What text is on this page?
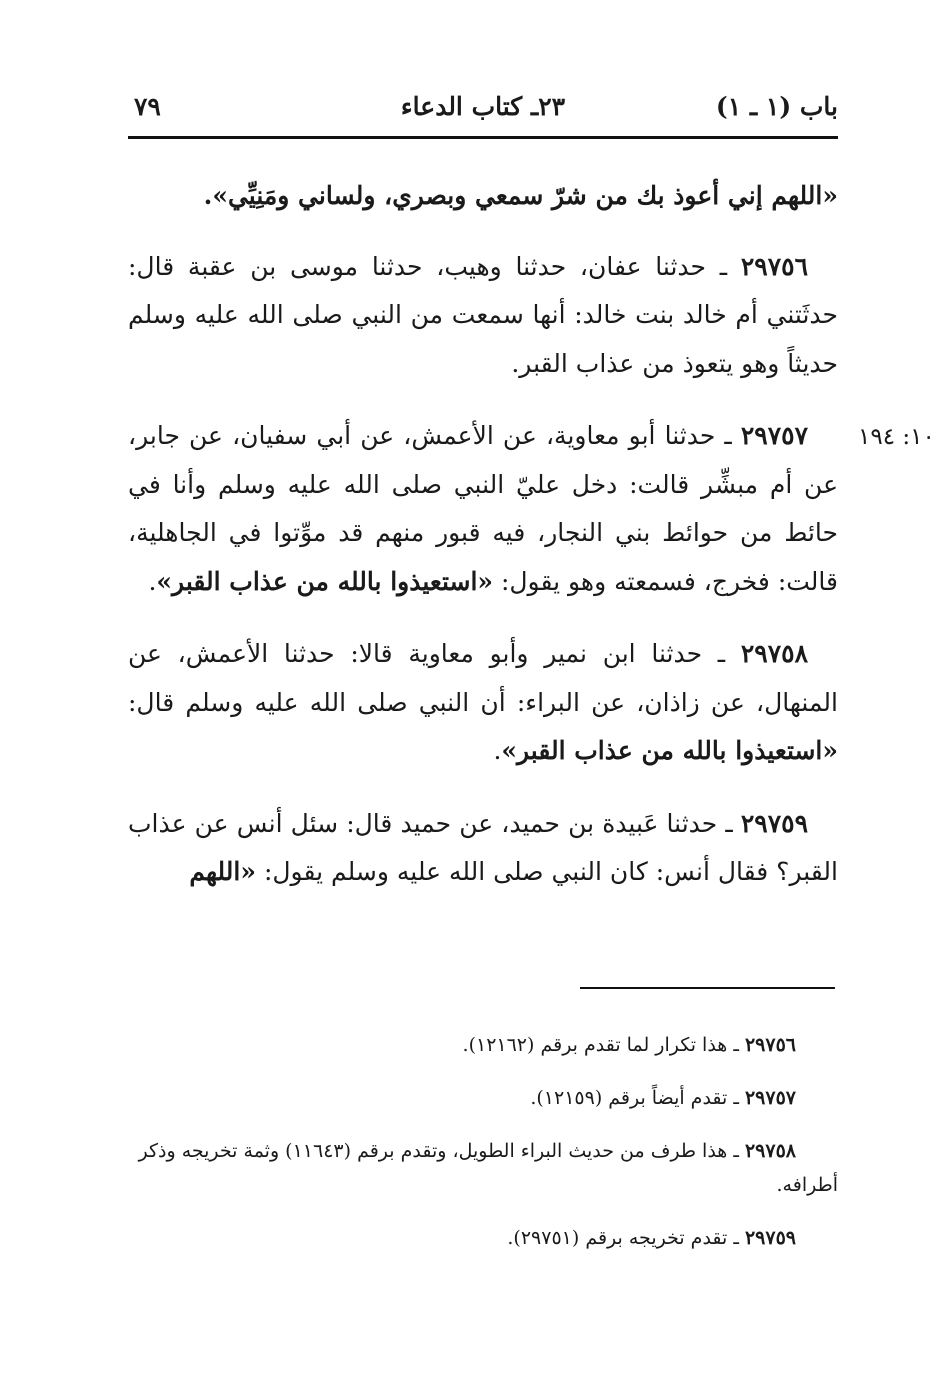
باب (١ ـ ١)
٢٣ـ كتاب الدعاء
٧٩
١٠: ١٩٤

«اللهم إني أعوذ بك من شرّ سمعي وبصري، ولساني ومَنِيِّي».

٢٩٧٥٦ ـ حدثنا عفان، حدثنا وهيب، حدثنا موسى بن عقبة قال: حدثَتني أم خالد بنت خالد: أنها سمعت من النبي صلى الله عليه وسلم حديثاً وهو يتعوذ من عذاب القبر.

٢٩٧٥٧ ـ حدثنا أبو معاوية، عن الأعمش، عن أبي سفيان، عن جابر، عن أم مبشِّر قالت: دخل عليّ النبي صلى الله عليه وسلم وأنا في حائط من حوائط بني النجار، فيه قبور منهم قد موِّتوا في الجاهلية، قالت: فخرج، فسمعته وهو يقول: «استعيذوا بالله من عذاب القبر».

٢٩٧٥٨ ـ حدثنا ابن نمير وأبو معاوية قالا: حدثنا الأعمش، عن المنهال، عن زاذان، عن البراء: أن النبي صلى الله عليه وسلم قال: «استعيذوا بالله من عذاب القبر».

٢٩٧٥٩ ـ حدثنا عَبيدة بن حميد، عن حميد قال: سئل أنس عن عذاب القبر؟ فقال أنس: كان النبي صلى الله عليه وسلم يقول: «اللهم

٢٩٧٥٦ ـ هذا تكرار لما تقدم برقم (١٢١٦٢).

٢٩٧٥٧ ـ تقدم أيضاً برقم (١٢١٥٩).

٢٩٧٥٨ ـ هذا طرف من حديث البراء الطويل، وتقدم برقم (١١٦٤٣) وثمة تخريجه وذكر أطرافه.

٢٩٧٥٩ ـ تقدم تخريجه برقم (٢٩٧٥١).
